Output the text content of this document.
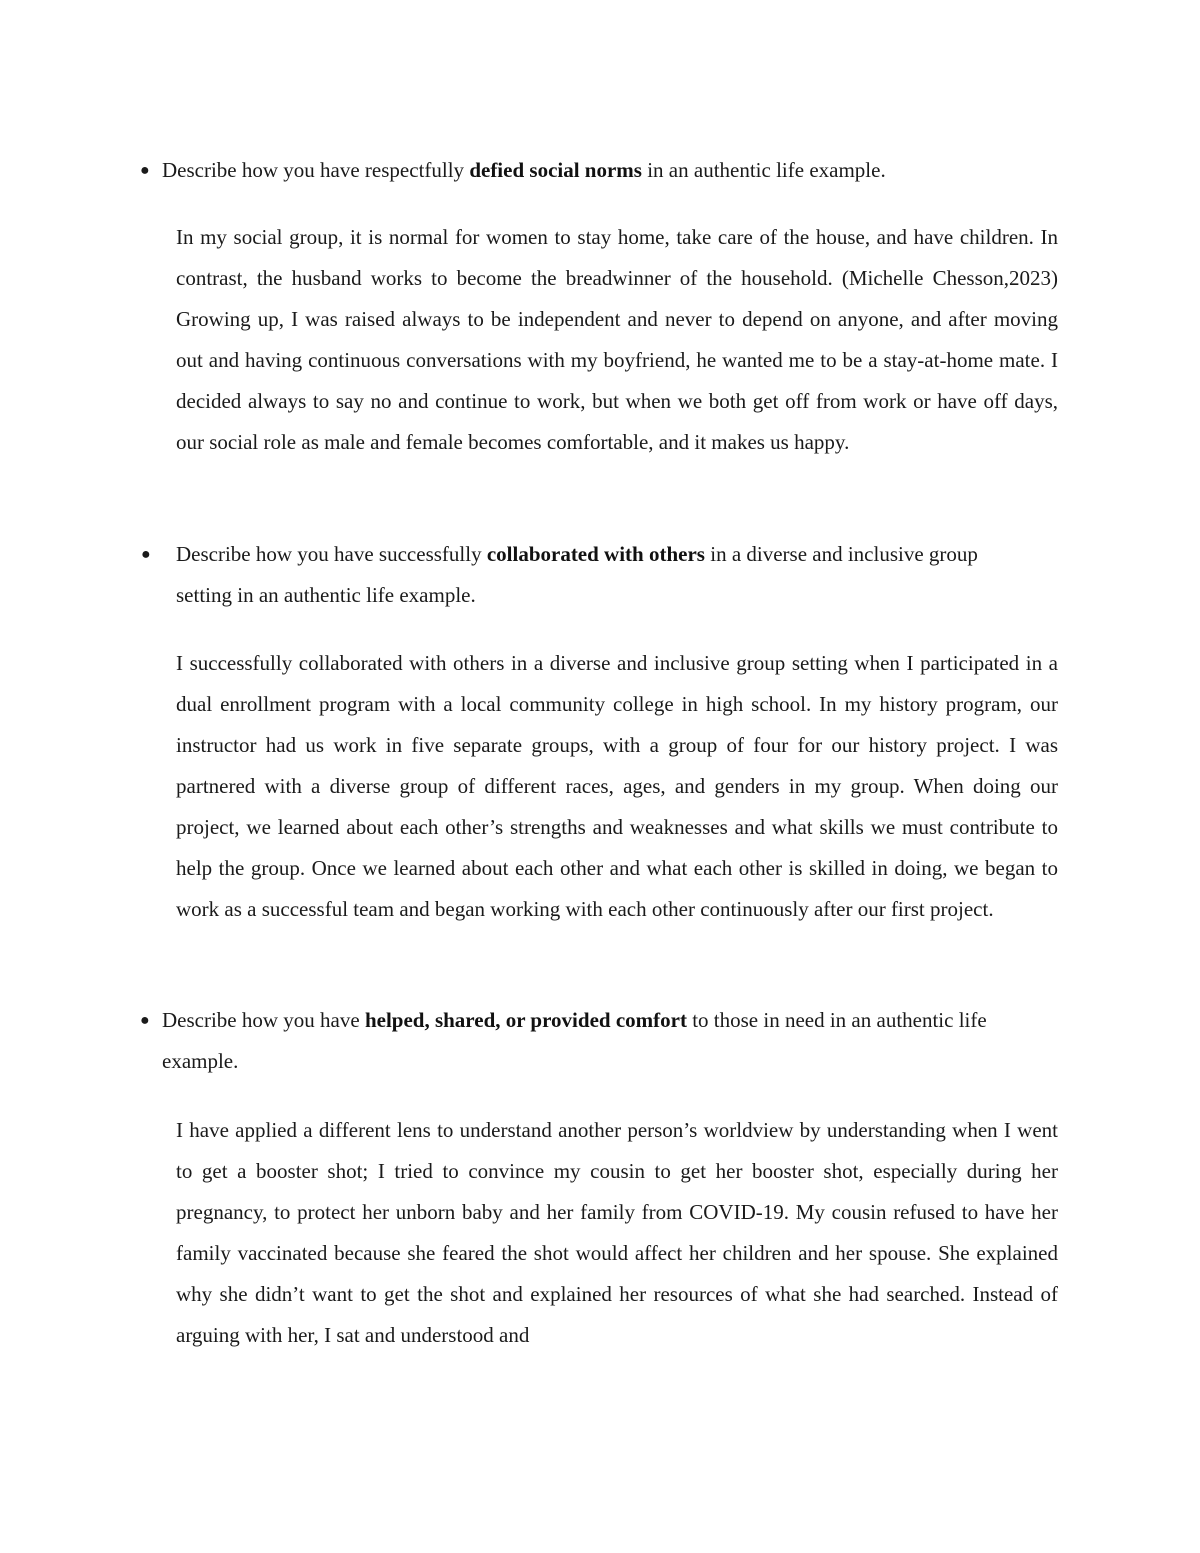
● Describe how you have respectfully defied social norms in an authentic life example.

In my social group, it is normal for women to stay home, take care of the house, and have children. In contrast, the husband works to become the breadwinner of the household. (Michelle Chesson,2023) Growing up, I was raised always to be independent and never to depend on anyone, and after moving out and having continuous conversations with my boyfriend, he wanted me to be a stay-at-home mate. I decided always to say no and continue to work, but when we both get off from work or have off days, our social role as male and female becomes comfortable, and it makes us happy.

● Describe how you have successfully collaborated with others in a diverse and inclusive group setting in an authentic life example.

I successfully collaborated with others in a diverse and inclusive group setting when I participated in a dual enrollment program with a local community college in high school. In my history program, our instructor had us work in five separate groups, with a group of four for our history project. I was partnered with a diverse group of different races, ages, and genders in my group. When doing our project, we learned about each other’s strengths and weaknesses and what skills we must contribute to help the group. Once we learned about each other and what each other is skilled in doing, we began to work as a successful team and began working with each other continuously after our first project.

● Describe how you have helped, shared, or provided comfort to those in need in an authentic life example.

I have applied a different lens to understand another person’s worldview by understanding when I went to get a booster shot; I tried to convince my cousin to get her booster shot, especially during her pregnancy, to protect her unborn baby and her family from COVID-19. My cousin refused to have her family vaccinated because she feared the shot would affect her children and her spouse. She explained why she didn’t want to get the shot and explained her resources of what she had searched. Instead of arguing with her, I sat and understood and
